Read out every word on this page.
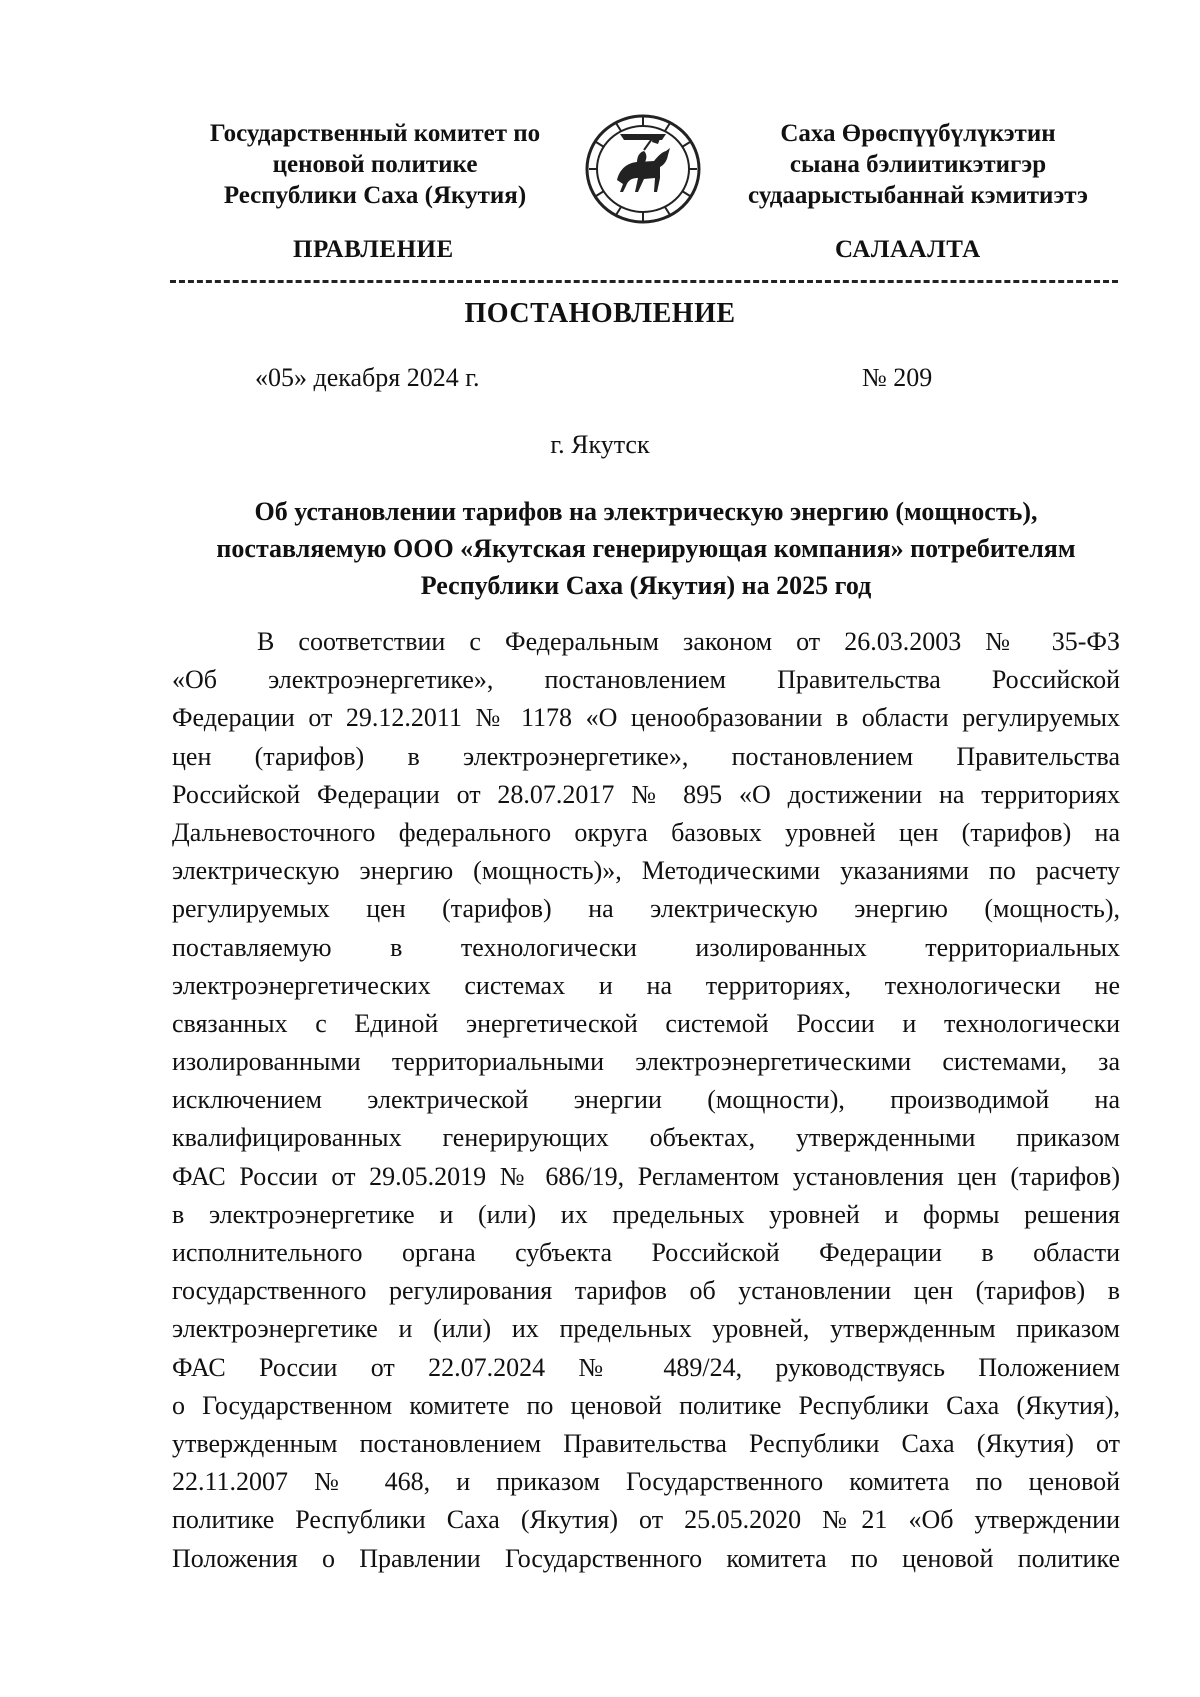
Государственный комитет по
ценовой политике
Республики Саха (Якутия)
Саха Өрөспүүбүлүкэтин
сыана бэлиитикэтигэр
судаарыстыбаннай кэмитиэтэ
ПРАВЛЕНИЕ	САЛААЛТА
ПОСТАНОВЛЕНИЕ
«05» декабря 2024 г.	№ 209
г. Якутск
Об установлении тарифов на электрическую энергию (мощность),
поставляемую ООО «Якутская генерирующая компания» потребителям
Республики Саха (Якутия) на 2025 год
В соответствии с Федеральным законом от 26.03.2003 № 35-ФЗ
«Об электроэнергетике», постановлением Правительства Российской
Федерации от 29.12.2011 № 1178 «О ценообразовании в области регулируемых
цен (тарифов) в электроэнергетике», постановлением Правительства
Российской Федерации от 28.07.2017 № 895 «О достижении на территориях
Дальневосточного федерального округа базовых уровней цен (тарифов) на
электрическую энергию (мощность)», Методическими указаниями по расчету
регулируемых цен (тарифов) на электрическую энергию (мощность),
поставляемую в технологически изолированных территориальных
электроэнергетических системах и на территориях, технологически не
связанных с Единой энергетической системой России и технологически
изолированными территориальными электроэнергетическими системами, за
исключением электрической энергии (мощности), производимой на
квалифицированных генерирующих объектах, утвержденными приказом
ФАС России от 29.05.2019 № 686/19, Регламентом установления цен (тарифов)
в электроэнергетике и (или) их предельных уровней и формы решения
исполнительного органа субъекта Российской Федерации в области
государственного регулирования тарифов об установлении цен (тарифов) в
электроэнергетике и (или) их предельных уровней, утвержденным приказом
ФАС России от 22.07.2024 № 489/24, руководствуясь Положением
о Государственном комитете по ценовой политике Республики Саха (Якутия),
утвержденным постановлением Правительства Республики Саха (Якутия) от
22.11.2007 № 468, и приказом Государственного комитета по ценовой
политике Республики Саха (Якутия) от 25.05.2020 №21 «Об утверждении
Положения о Правлении Государственного комитета по ценовой политике
